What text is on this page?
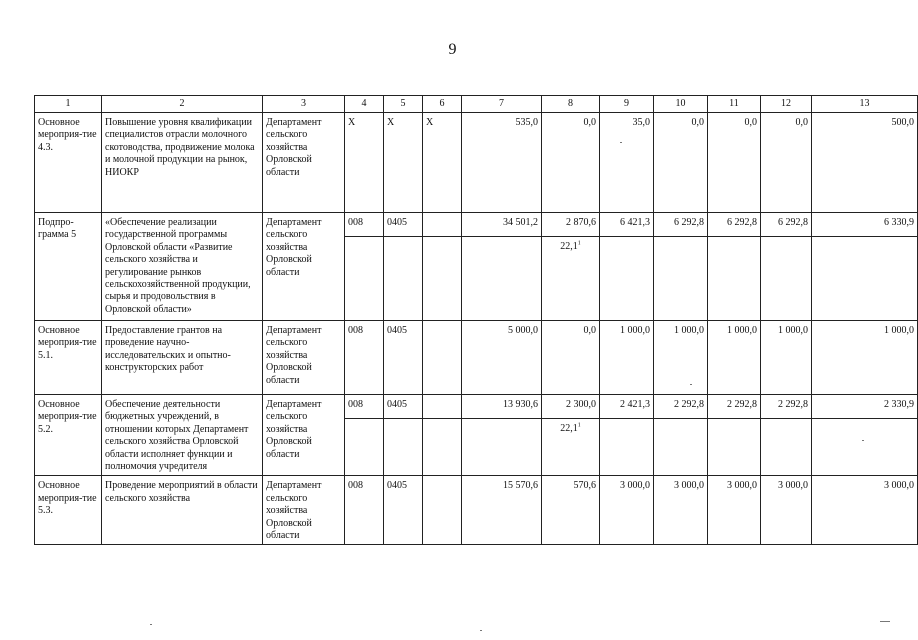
9
1	2	3	4	5	6	7	8	9	10	11	12	13
Основное мероприя-тие 4.3.	Повышение уровня квалификации специалистов отрасли молочного скотоводства, продвижение молока и молочной продукции на рынок, НИОКР	Департамент сельского хозяйства Орловской области	Х	Х	Х	535,0	0,0	35,0	0,0	0,0	0,0	500,0
Подпро-грамма 5	«Обеспечение реализации государственной программы Орловской области «Развитие сельского хозяйства и регулирование рынков сельскохозяйственной продукции, сырья и продовольствия в Орловской области»	Департамент сельского хозяйства Орловской области	008	0405		34 501,2	2 870,6	6 421,3	6 292,8	6 292,8	6 292,8	6 330,9
							22,1$^1$					
Основное мероприя-тие 5.1.	Предоставление грантов на проведение научно-исследовательских и опытно-конструкторских работ	Департамент сельского хозяйства Орловской области	008	0405		5 000,0	0,0	1 000,0	1 000,0	1 000,0	1 000,0	1 000,0
Основное мероприя-тие 5.2.	Обеспечение деятельности бюджетных учреждений, в отношении которых Департамент сельского хозяйства Орловской области исполняет функции и полномочия учредителя	Департамент сельского хозяйства Орловской области	008	0405		13 930,6	2 300,0	2 421,3	2 292,8	2 292,8	2 292,8	2 330,9
							22,1$^1$					
Основное мероприя-тие 5.3.	Проведение мероприятий в области сельского хозяйства	Департамент сельского хозяйства Орловской области	008	0405		15 570,6	570,6	3 000,0	3 000,0	3 000,0	3 000,0	3 000,0
